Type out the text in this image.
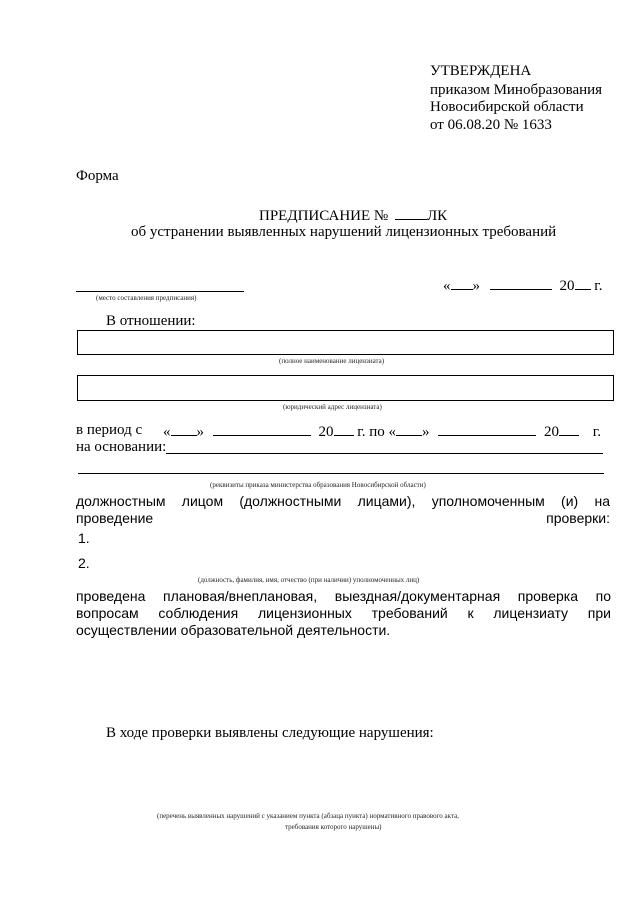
УТВЕРЖДЕНА
приказом Минобразования
Новосибирской области
от 06.08.20 № 1633
Форма
ПРЕДПИСАНИЕ №	ЛК
об устранении выявленных нарушений лицензионных требований
(место составления предписания)
« »	20 г.
В отношении:
(полное наименование лицензиата)
(юридический адрес лицензиата)
в период с « »	20 г. по « »	20 г.
на основании:
(реквизиты приказа министерства образования Новосибирской области)
должностным лицом (должностными лицами), уполномоченным (и) на проведение проверки:
1.
2.
(должность, фамилия, имя, отчество (при наличии) уполномоченных лиц)
проведена плановая/внеплановая, выездная/документарная проверка по вопросам соблюдения лицензионных требований к лицензиату при осуществлении образовательной деятельности.
В ходе проверки выявлены следующие нарушения:
(перечень выявленных нарушений с указанием пункта (абзаца пункта) нормативного правового акта,
требования которого нарушены)
